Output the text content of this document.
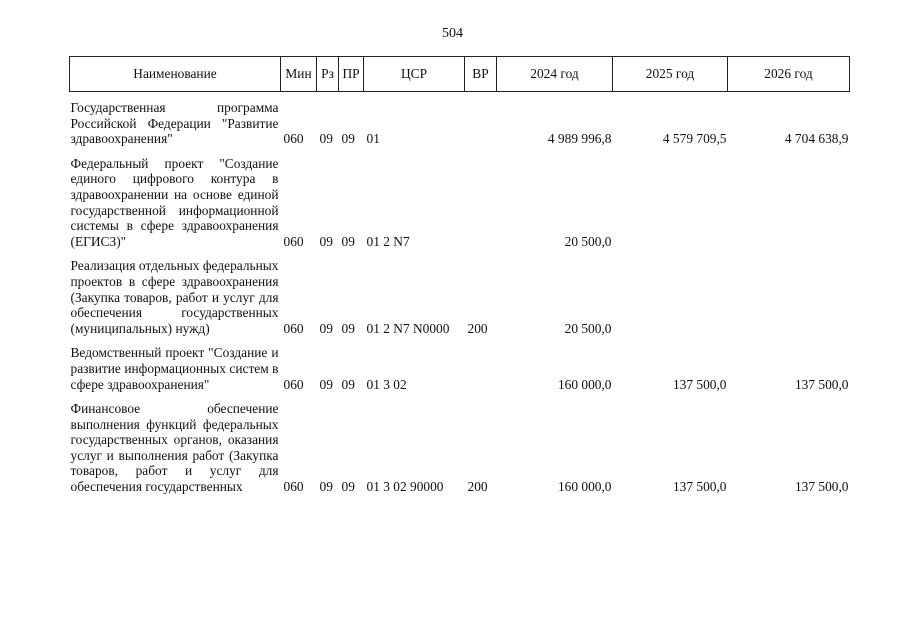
504
Наименование	Мин	Рз	ПР	ЦСР	ВР	2024 год	2025 год	2026 год
Государственная программа Российской Федерации "Развитие здравоохранения"	060	09	09	01		4 989 996,8	4 579 709,5	4 704 638,9
Федеральный проект "Создание единого цифрового контура в здравоохранении на основе единой государственной информационной системы в сфере здравоохранения (ЕГИСЗ)"	060	09	09	01 2 N7		20 500,0		
Реализация отдельных федеральных проектов в сфере здравоохранения (Закупка товаров, работ и услуг для обеспечения государственных (муниципальных) нужд)	060	09	09	01 2 N7 N0000	200	20 500,0		
Ведомственный проект "Создание и развитие информационных систем в сфере здравоохранения"	060	09	09	01 3 02		160 000,0	137 500,0	137 500,0
Финансовое обеспечение выполнения функций федеральных государственных органов, оказания услуг и выполнения работ (Закупка товаров, работ и услуг для обеспечения государственных	060	09	09	01 3 02 90000	200	160 000,0	137 500,0	137 500,0
